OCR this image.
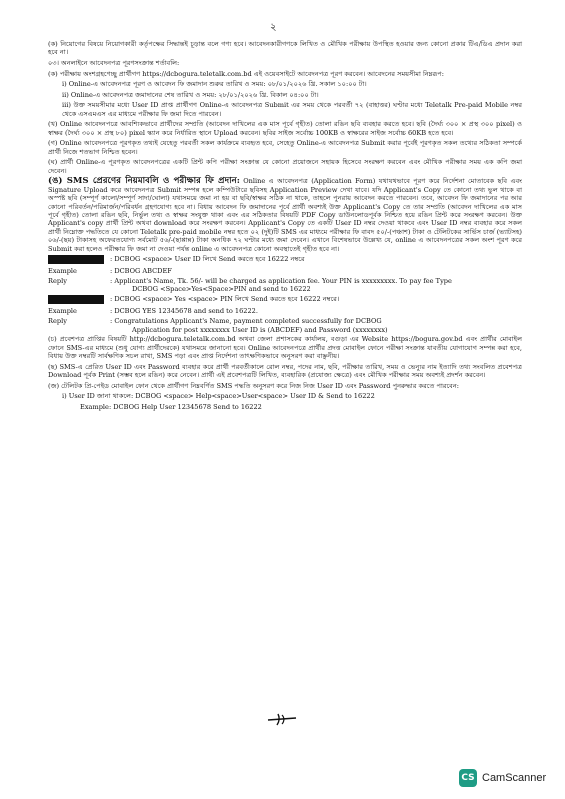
২

(ক) নিয়োগের বিষয়ে নিয়োগকারী কর্তৃপক্ষের সিদ্ধান্তই চূড়ান্ত বলে গণ্য হবে। আবেদনকারীগণকে লিখিত ও মৌখিক পরীক্ষায় উপস্থিত হওয়ার জন্য কোনো প্রকার টিএ/ডিএ প্রদান করা হবে না।

০৩। অনলাইনে আবেদনপত্র পূরণসংক্রান্ত শর্তাবলি:

(ক) পরীক্ষায় অংশগ্রহণেচ্ছু প্রার্থীগণ https://dcbogura.teletalk.com.bd এই ওয়েবসাইটে আবেদনপত্র পূরণ করবেন। আবেদনের সময়সীমা নিম্নরূপ:

i) Online-এ আবেদনপত্র পূরণ ও আবেদন ফি জমাদান শুরুর তারিখ ও সময়: ০৮/০১/২০২৬ খ্রি. সকাল ১০:০০ টা।

ii) Online-এ আবেদনপত্র জমাদানের শেষ তারিখ ও সময়: ২৮/০১/২০২৬ খ্রি. বিকাল ০৪:০০ টা।

iii) উক্ত সময়সীমার মধ্যে User ID প্রাপ্ত প্রার্থীগণ Online-এ আবেদনপত্র Submit এর সময় থেকে পরবর্তী ৭২ (বাহাত্তর) ঘণ্টার মধ্যে Teletalk Pre-paid Mobile নম্বর থেকে এসএমএস এর মাধ্যমে পরীক্ষার ফি জমা দিতে পারবেন।

(খ) Online আবেদনপত্রে আবশ্যিকভাবে প্রার্থীদের সম্প্রতি (আবেদন দাখিলের এক মাস পূর্বে গৃহীত) তোলা রঙিন ছবি ব্যবহার করতে হবে। ছবি (দৈর্ঘ্য ৩০০ × প্রস্থ ৩০০ pixel) ও স্বাক্ষর (দৈর্ঘ্য ৩০০ × প্রস্থ ৮০) pixel স্ক্যান করে নির্ধারিত স্থানে Upload করবেন। ছবির সাইজ সর্বোচ্চ 100KB ও স্বাক্ষরের সাইজ সর্বোচ্চ 60KB হতে হবে।

(গ) Online আবেদনপত্রে পূরণকৃত তথ্যই যেহেতু পরবর্তী সকল কার্যক্রমে ব্যবহৃত হবে, সেহেতু Online-এ আবেদনপত্র Submit করার পূর্বেই পূরণকৃত সকল তথ্যের সঠিকতা সম্পর্কে প্রার্থী নিজে শতভাগ নিশ্চিত হবেন।

(ঘ) প্রার্থী Online-এ পূরণকৃত আবেদনপত্রের একটি প্রিন্ট কপি পরীক্ষা সংক্রান্ত যে কোনো প্রয়োজনে সহায়ক হিসেবে সংরক্ষণ করবেন এবং মৌখিক পরীক্ষার সময় এক কপি জমা দেবেন।

(ঙ) SMS প্রেরণের নিয়মাবলি ও পরীক্ষার ফি প্রদান: Online এ আবেদনপত্র (Application Form) যথাযথভাবে পূরণ করে নির্দেশনা মোতাবেক ছবি এবং Signature Upload করে আবেদনপত্র Submit সম্পন্ন হলে কম্পিউটারে ছবিসহ Application Preview দেখা যাবে। যদি Applicant's Copy তে কোনো তথ্য ভুল থাকে বা অস্পষ্ট ছবি (সম্পূর্ণ কালো/সম্পূর্ণ সাদা/ঘোলা) যথাসময়ে জমা না হয় বা ছবি/স্বাক্ষর সঠিক না থাকে, তাহলে পুনরায় আবেদন করতে পারবেন। তবে, আবেদন ফি জমাদানের পর আর কোনো পরিবর্তন/পরিমার্জন/পরিবর্ধন গ্রহণযোগ্য হবে না। বিধায় আবেদন ফি জমাদানের পূর্বে প্রার্থী অবশ্যই উক্ত Applicant's Copy তে তার সম্প্রতি (আবেদন দাখিলের এক মাস পূর্বে গৃহীত) তোলা রঙিন ছবি, নির্ভুল তথ্য ও স্বাক্ষর সংযুক্ত থাকা এবং এর সঠিকতার বিষয়টি PDF Copy ডাউনলোডপূর্বক নিশ্চিত হয়ে রঙিন প্রিন্ট করে সংরক্ষণ করবেন। উক্ত Applicant's copy প্রার্থী প্রিন্ট অথবা download করে সংরক্ষণ করবেন। Applicant's Copy তে একটি User ID নম্বর দেওয়া থাকবে এবং User ID নম্বর ব্যবহার করে সকল প্রার্থী নিম্নোক্ত পদ্ধতিতে যে কোনো Teletalk pre-paid mobile নম্বর হতে ০২ (দুই)টি SMS এর মাধ্যমে পরীক্ষার ফি বাবদ ৫০/-(পঞ্চাশ) টাকা ও টেলিটকের সার্ভিস চার্জ (ভ্যাটসহ) ০৬/-(ছয়) টাকাসহ অফেরতযোগ্য সর্বমোট ৫৬/-(ছাপ্পান্ন) টাকা অনধিক ৭২ ঘণ্টার মধ্যে জমা দেবেন। এখানে বিশেষভাবে উল্লেখ্য যে, online এ আবেদনপত্রের সকল অংশ পূরণ করে Submit করা হলেও পরীক্ষার ফি জমা না দেওয়া পর্যন্ত online এ আবেদনপত্র কোনো অবস্থাতেই গৃহীত হবে না।

: DCBOG <space> User ID লিখে Send করতে হবে 16222 নম্বরে
Example	: DCBOG ABCDEF
Reply	: Applicant's Name, Tk. 56/- will be charged as application fee. Your PIN is xxxxxxxxx. To pay fee Type
DCBOG <Space>Yes<Space>PIN and send to 16222
: DCBOG <space> Yes <space> PIN লিখে Send করতে হবে 16222 নম্বরে।
Example	: DCBOG YES 12345678 and send to 16222.
Reply	: Congratulations Applicant's Name, payment completed successfully for DCBOG
Application for post xxxxxxxx User ID is (ABCDEF) and Password (xxxxxxxx)

(চ) প্রবেশপত্র প্রাপ্তির বিষয়টি http://dcbogura.teletalk.com.bd অথবা জেলা প্রশাসকের কার্যালয়, বগুড়া এর Website https://bogura.gov.bd এবং প্রার্থীর মোবাইল ফোনে SMS-এর মাধ্যমে (শুধু যোগ্য প্রার্থীদেরকে) যথাসময়ে জানানো হবে। Online আবেদনপত্রে প্রার্থীর প্রদত্ত মোবাইল ফোনে পরীক্ষা সংক্রান্ত যাবতীয় যোগাযোগ সম্পন্ন করা হবে, বিধায় উক্ত নম্বরটি সার্বক্ষণিক সচল রাখা, SMS পড়া এবং প্রাপ্ত নির্দেশনা তাৎক্ষণিকভাবে অনুসরণ করা বাঞ্ছনীয়।

(ছ) SMS-এ প্রেরিত User ID এবং Password ব্যবহার করে প্রার্থী পরবর্তীকালে রোল নম্বর, পদের নাম, ছবি, পরীক্ষার তারিখ, সময় ও ভেন্যুর নাম ইত্যাদি তথ্য সংবলিত প্রবেশপত্র Download পূর্বক Print (সম্ভব হলে রঙিন) করে নেবেন। প্রার্থী এই প্রবেশপত্রটি লিখিত, ব্যবহারিক (প্রযোজ্য ক্ষেত্রে) এবং মৌখিক পরীক্ষার সময় অবশ্যই প্রদর্শন করবেন।

(জ) টেলিটক প্রি-পেইড মোবাইল ফোন থেকে প্রার্থীগণ নিম্নবর্ণিত SMS পদ্ধতি অনুসরণ করে নিজ নিজ User ID এবং Password পুনরুদ্ধার করতে পারবেন:

i) User ID জানা থাকলে: DCBOG <space> Help<space>User<space> User ID & Send to 16222

Example: DCBOG Help User 12345678 Send to 16222

CS CamScanner
